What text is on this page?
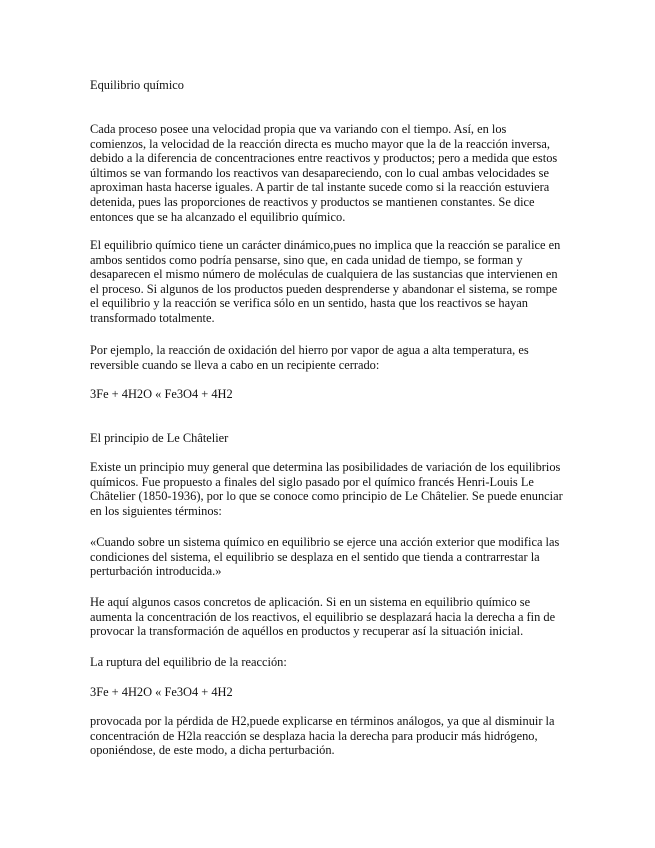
Equilibrio químico

Cada proceso posee una velocidad propia que va variando con el tiempo. Así, en los comienzos, la velocidad de la reacción directa es mucho mayor que la de la reacción inversa, debido a la diferencia de concentraciones entre reactivos y productos; pero a medida que estos últimos se van formando los reactivos van desapareciendo, con lo cual ambas velocidades se aproximan hasta hacerse iguales. A partir de tal instante sucede como si la reacción estuviera detenida, pues las proporciones de reactivos y productos se mantienen constantes. Se dice entonces que se ha alcanzado el equilibrio químico.

El equilibrio químico tiene un carácter dinámico,pues no implica que la reacción se paralice en ambos sentidos como podría pensarse, sino que, en cada unidad de tiempo, se forman y desaparecen el mismo número de moléculas de cualquiera de las sustancias que intervienen en el proceso. Si algunos de los productos pueden desprenderse y abandonar el sistema, se rompe el equilibrio y la reacción se verifica sólo en un sentido, hasta que los reactivos se hayan transformado totalmente.

Por ejemplo, la reacción de oxidación del hierro por vapor de agua a alta temperatura, es reversible cuando se lleva a cabo en un recipiente cerrado:

3Fe + 4H2O « Fe3O4 + 4H2

El principio de Le Châtelier

Existe un principio muy general que determina las posibilidades de variación de los equilibrios químicos. Fue propuesto a finales del siglo pasado por el químico francés Henri-Louis Le Châtelier (1850-1936), por lo que se conoce como principio de Le Châtelier. Se puede enunciar en los siguientes términos:

«Cuando sobre un sistema químico en equilibrio se ejerce una acción exterior que modifica las condiciones del sistema, el equilibrio se desplaza en el sentido que tienda a contrarrestar la perturbación introducida.»

He aquí algunos casos concretos de aplicación. Si en un sistema en equilibrio químico se aumenta la concentración de los reactivos, el equilibrio se desplazará hacia la derecha a fin de provocar la transformación de aquéllos en productos y recuperar así la situación inicial.

La ruptura del equilibrio de la reacción:

3Fe + 4H2O « Fe3O4 + 4H2

provocada por la pérdida de H2,puede explicarse en términos análogos, ya que al disminuir la concentración de H2la reacción se desplaza hacia la derecha para producir más hidrógeno, oponiéndose, de este modo, a dicha perturbación.
